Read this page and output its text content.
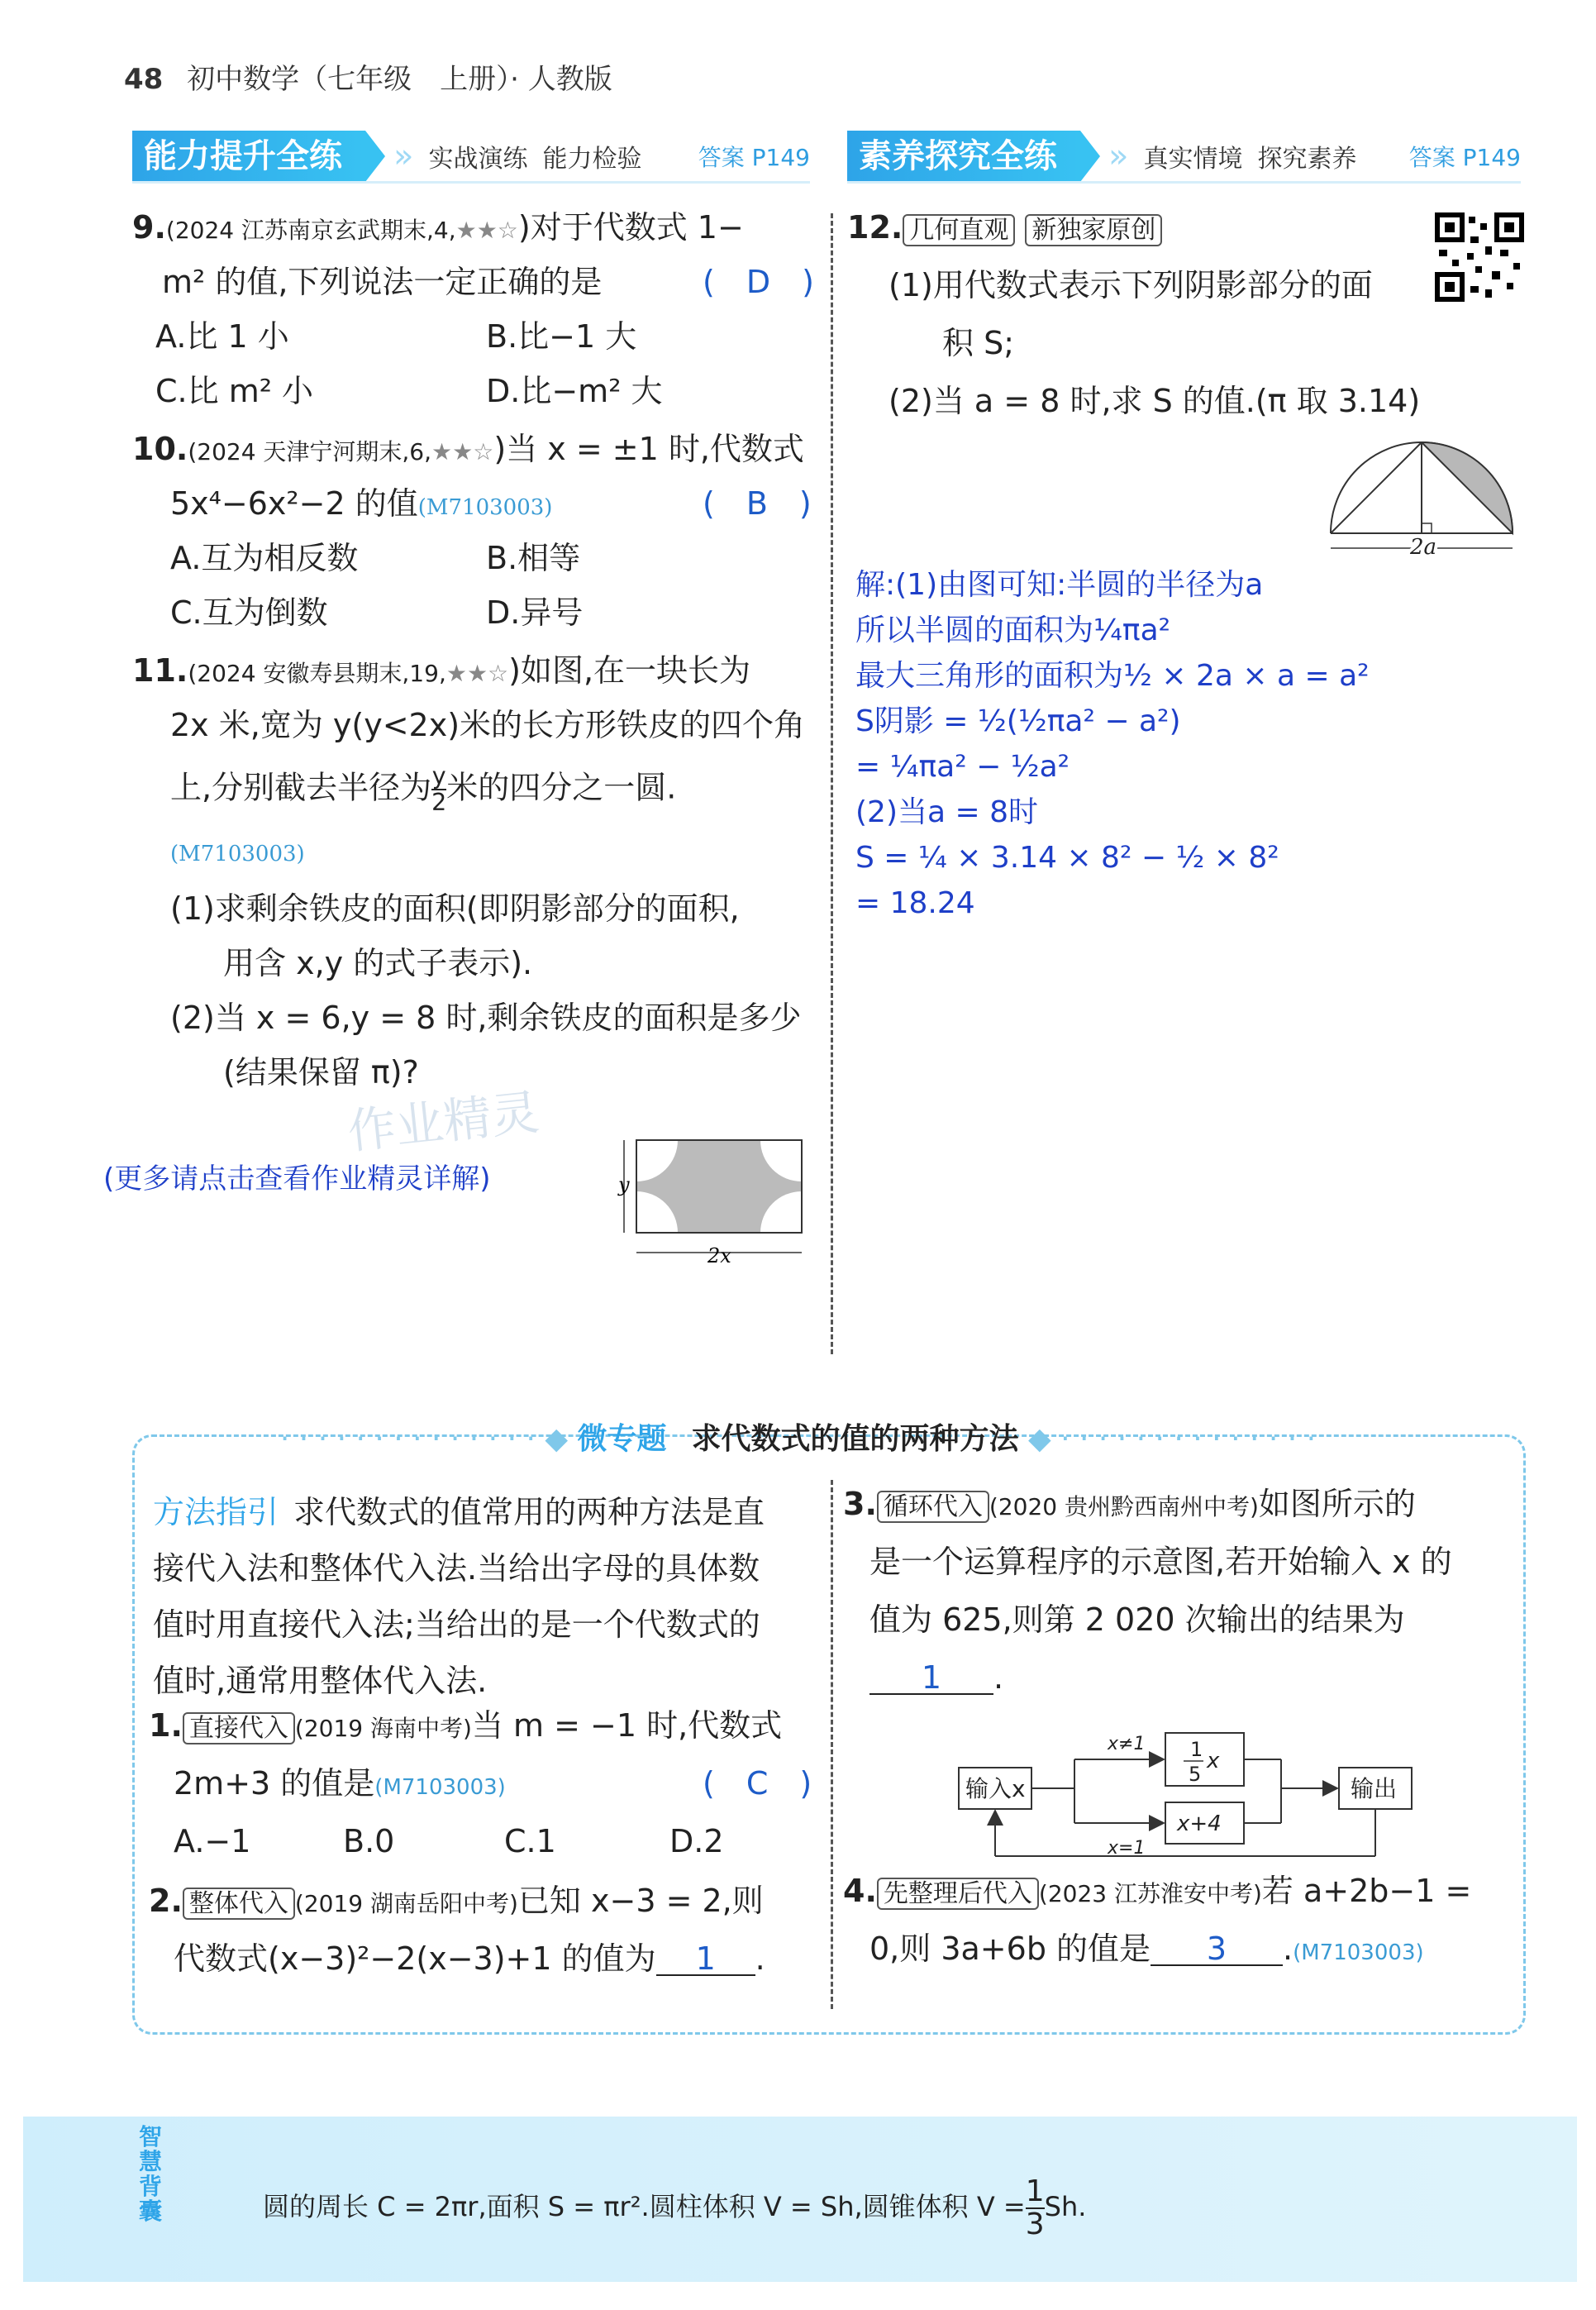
48 初中数学（七年级　上册）· 人教版
能力提升全练	» 实战演练 能力检验 答案 P149	素养探究全练	» 真实情境 探究素养 答案 P149
9.(2024 江苏南京玄武期末,4,★★☆)对于代数式 1−
m² 的值,下列说法一定正确的是	(　D　)
A.比 1 小	B.比−1 大
C.比 m² 小	D.比−m² 大
10.(2024 天津宁河期末,6,★★☆)当 x = ±1 时,代数式
5x⁴−6x²−2 的值(M7103003)	(　B　)
A.互为相反数	B.相等
C.互为倒数	D.异号
11.(2024 安徽寿县期末,19,★★☆)如图,在一块长为
2x 米,宽为 y(y<2x)米的长方形铁皮的四个角
上,分别截去半径为 $\frac{y}{2}$ 米的四分之一圆.
(M7103003)
(1)求剩余铁皮的面积(即阴影部分的面积,
用含 x,y 的式子表示).
(2)当 x = 6,y = 8 时,剩余铁皮的面积是多少
(结果保留 π)?
作业精灵
(更多请点击查看作业精灵详解)	y
2x
12. 几何直观 新独家原创
(1)用代数式表示下列阴影部分的面
积 S;
(2)当 a = 8 时,求 S 的值.(π 取 3.14)
2a
解:(1)由图可知:半圆的半径为a
所以半圆的面积为¼πa²
最大三角形的面积为½ × 2a × a = a²
S阴影 = ½(½πa² − a²)
= ¼πa² − ½a²
(2)当a = 8时
S = ¼ × 3.14 × 8² − ½ × 8²
= 18.24
· · · · · · · · · · · · · · ◆ 微专题 求代数式的值的两种方法 ◆ · · · · · · · · · · · · · ·
方法指引 求代数式的值常用的两种方法是直
接代入法和整体代入法.当给出字母的具体数
值时用直接代入法;当给出的是一个代数式的
值时,通常用整体代入法.
1. 直接代入 (2019 海南中考)当 m = −1 时,代数式
2m+3 的值是(M7103003)	(　C　)
A.−1	B.0	C.1	D.2
2. 整体代入 (2019 湖南岳阳中考)已知 x−3 = 2,则
代数式(x−3)²−2(x−3)+1 的值为 1 .
3. 循环代入 (2020 贵州黔西南州中考)如图所示的
是一个运算程序的示意图,若开始输入 x 的
值为 625,则第 2 020 次输出的结果为
1 .
输入x	输出
1
5
x
x+4
x≠1
x=1
4. 先整理后代入 (2023 江苏淮安中考)若 a+2b−1 =
0,则 3a+6b 的值是 3 .(M7103003)
智慧背囊	圆的周长 C = 2πr,面积 S = πr².圆柱体积 V = Sh,圆锥体积 $V = \frac{1}{3} Sh$.
